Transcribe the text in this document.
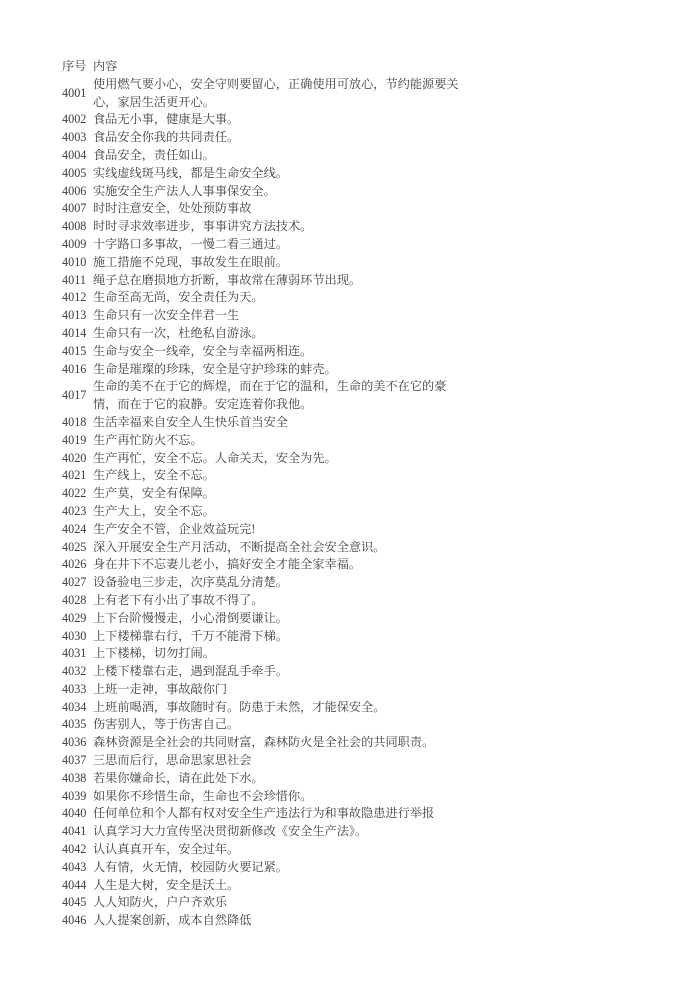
序号	内容
4001	使用燃气要小心，安全守则要留心，正确使用可放心，节约能源要关心，家居生活更开心。
4002	食品无小事，健康是大事。
4003	食品安全你我的共同责任。
4004	食品安全，责任如山。
4005	实线虚线斑马线，都是生命安全线。
4006	实施安全生产法人人事事保安全。
4007	时时注意安全，处处预防事故
4008	时时寻求效率进步，事事讲究方法技术。
4009	十字路口多事故，一慢二看三通过。
4010	施工措施不兑现，事故发生在眼前。
4011	绳子总在磨损地方折断，事故常在薄弱环节出现。
4012	生命至高无尚，安全责任为天。
4013	生命只有一次安全伴君一生
4014	生命只有一次，杜绝私自游泳。
4015	生命与安全一线牵，安全与幸福两相连。
4016	生命是璀璨的珍珠，安全是守护珍珠的蚌壳。
4017	生命的美不在于它的辉煌，而在于它的温和，生命的美不在它的豪情，而在于它的寂静。安定连着你我他。
4018	生活幸福来自安全人生快乐首当安全
4019	生产再忙防火不忘。
4020	生产再忙，安全不忘。人命关天，安全为先。
4021	生产线上，安全不忘。
4022	生产莫，安全有保障。
4023	生产大上，安全不忘。
4024	生产安全不管，企业效益玩完!
4025	深入开展安全生产月活动，不断提高全社会安全意识。
4026	身在井下不忘妻儿老小，搞好安全才能全家幸福。
4027	设备验电三步走，次序莫乱分清楚。
4028	上有老下有小出了事故不得了。
4029	上下台阶慢慢走，小心滑倒要谦让。
4030	上下楼梯靠右行，千万不能滑下梯。
4031	上下楼梯，切勿打闹。
4032	上楼下楼靠右走，遇到混乱手牵手。
4033	上班一走神，事故敲你门
4034	上班前喝酒，事故随时有。防患于未然，才能保安全。
4035	伤害别人，等于伤害自己。
4036	森林资源是全社会的共同财富，森林防火是全社会的共同职责。
4037	三思而后行，思命思家思社会
4038	若果你嫌命长，请在此处下水。
4039	如果你不珍惜生命，生命也不会珍惜你。
4040	任何单位和个人都有权对安全生产违法行为和事故隐患进行举报
4041	认真学习大力宣传坚决贯彻新修改《安全生产法》。
4042	认认真真开车，安全过年。
4043	人有情，火无情，校园防火要记紧。
4044	人生是大树，安全是沃土。
4045	人人知防火，户户齐欢乐
4046	人人提案创新，成本自然降低
